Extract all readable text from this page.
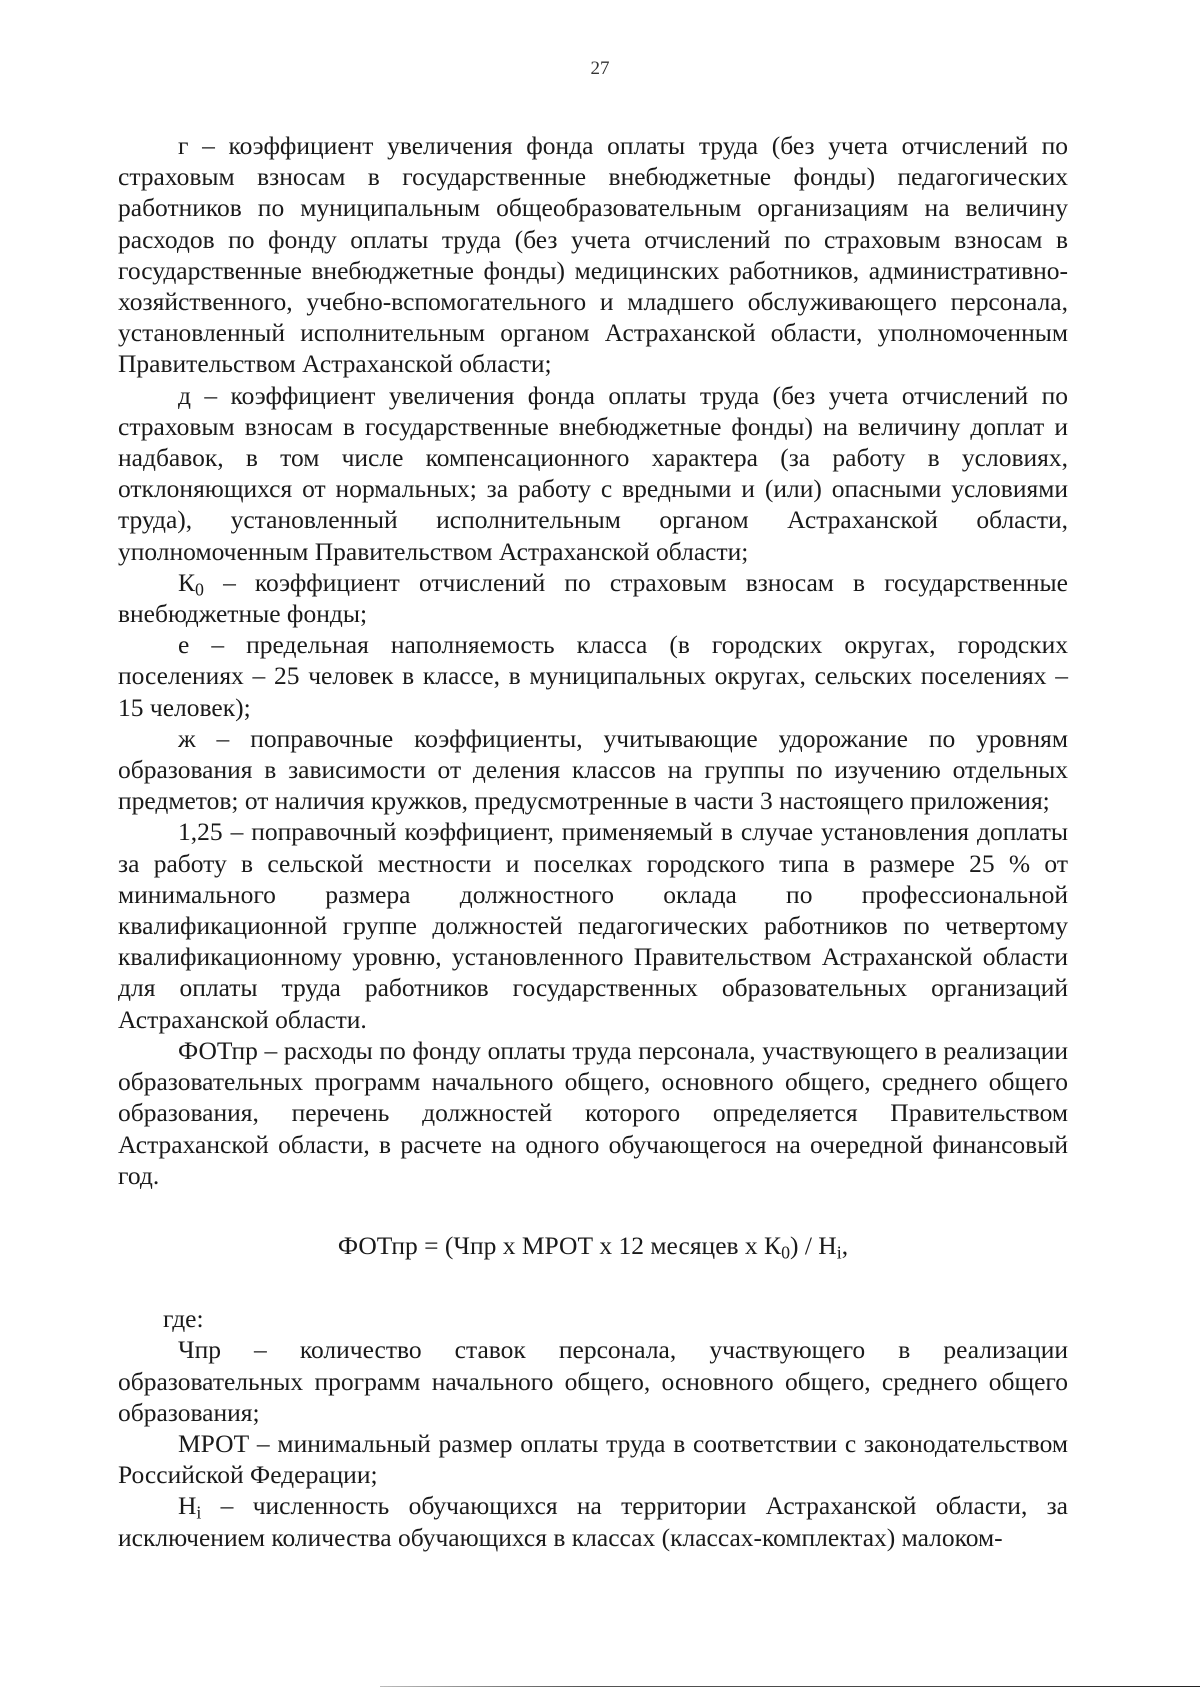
27

г – коэффициент увеличения фонда оплаты труда (без учета отчислений по страховым взносам в государственные внебюджетные фонды) педагогических работников по муниципальным общеобразовательным организациям на величину расходов по фонду оплаты труда (без учета отчислений по страховым взносам в государственные внебюджетные фонды) медицинских работников, административно-хозяйственного, учебно-вспомогательного и младшего обслуживающего персонала, установленный исполнительным органом Астраханской области, уполномоченным Правительством Астраханской области;

д – коэффициент увеличения фонда оплаты труда (без учета отчислений по страховым взносам в государственные внебюджетные фонды) на величину доплат и надбавок, в том числе компенсационного характера (за работу в условиях, отклоняющихся от нормальных; за работу с вредными и (или) опасными условиями труда), установленный исполнительным органом Астраханской области, уполномоченным Правительством Астраханской области;

$К_0$ – коэффициент отчислений по страховым взносам в государственные внебюджетные фонды;

е – предельная наполняемость класса (в городских округах, городских поселениях – 25 человек в классе, в муниципальных округах, сельских поселениях – 15 человек);

ж – поправочные коэффициенты, учитывающие удорожание по уровням образования в зависимости от деления классов на группы по изучению отдельных предметов; от наличия кружков, предусмотренные в части 3 настоящего приложения;

1,25 – поправочный коэффициент, применяемый в случае установления доплаты за работу в сельской местности и поселках городского типа в размере 25 % от минимального размера должностного оклада по профессиональной квалификационной группе должностей педагогических работников по четвертому квалификационному уровню, установленного Правительством Астраханской области для оплаты труда работников государственных образовательных организаций Астраханской области.

ФОТпр – расходы по фонду оплаты труда персонала, участвующего в реализации образовательных программ начального общего, основного общего, среднего общего образования, перечень должностей которого определяется Правительством Астраханской области, в расчете на одного обучающегося на очередной финансовый год.

ФОТпр = (Чпр х МРОТ х 12 месяцев х $К_0) / Н_i$,

где:

Чпр – количество ставок персонала, участвующего в реализации образовательных программ начального общего, основного общего, среднего общего образования;

МРОТ – минимальный размер оплаты труда в соответствии с законодательством Российской Федерации;

$Н_i$ – численность обучающихся на территории Астраханской области, за исключением количества обучающихся в классах (классах-комплектах) малоком-
